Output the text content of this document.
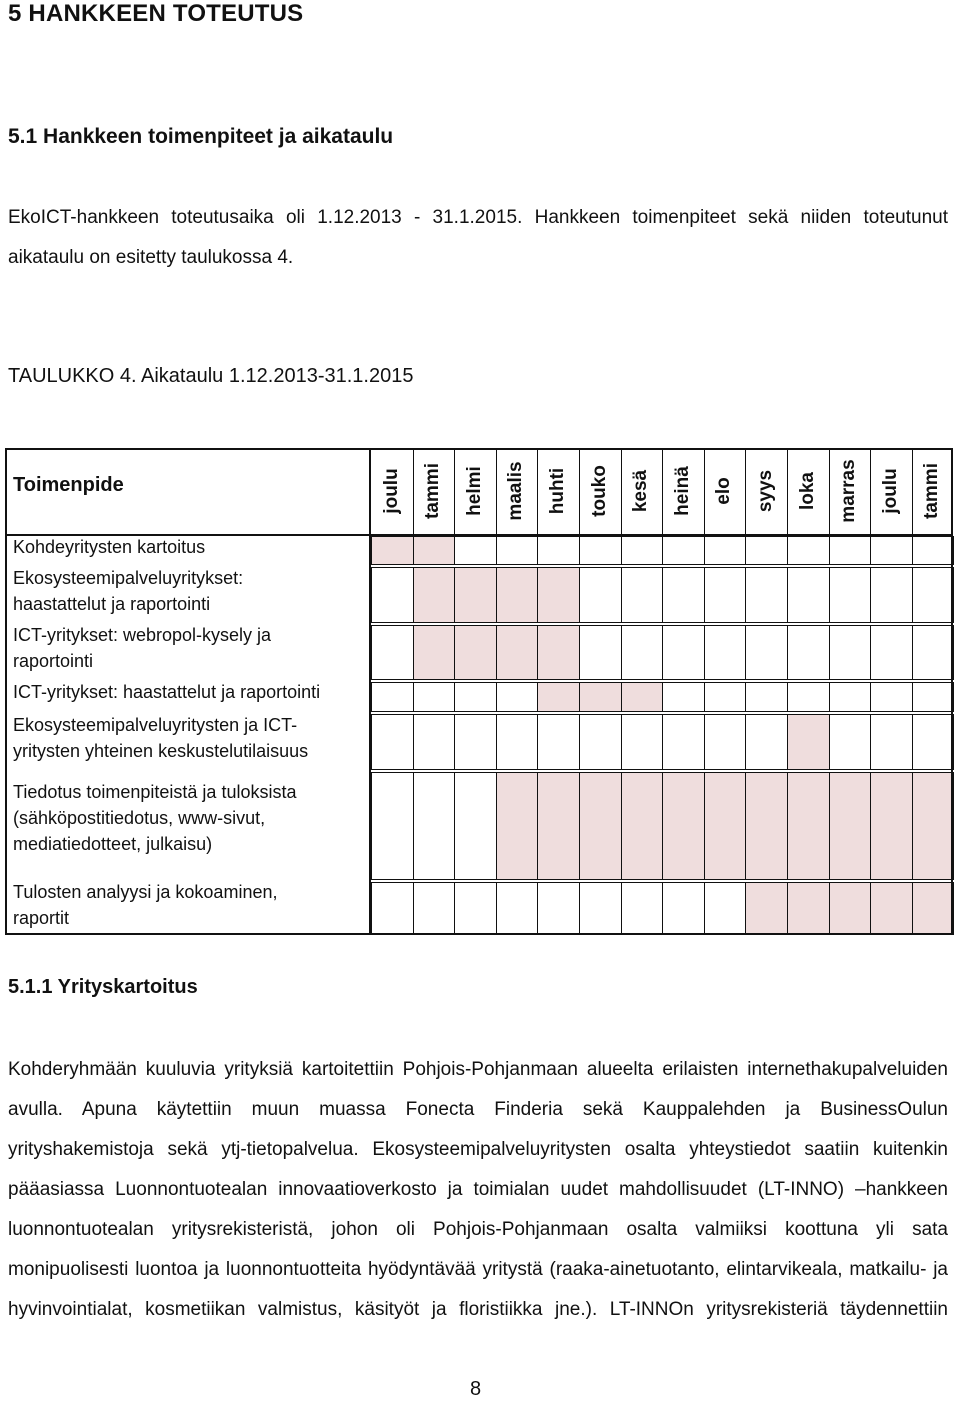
5 HANKKEEN TOTEUTUS
5.1 Hankkeen toimenpiteet ja aikataulu
EkoICT-hankkeen toteutusaika oli 1.12.2013 - 31.1.2015. Hankkeen toimenpiteet sekä niiden toteutunut
aikataulu on esitetty taulukossa 4.
TAULUKKO 4. Aikataulu 1.12.2013-31.1.2015
Toimenpide	joulu tammi helmi maalis huhti touko kesä heinä elo syys loka marras joulu tammi
Kohdeyritysten kartoitus
Ekosysteemipalveluyritykset:
haastattelut ja raportointi
ICT-yritykset: webropol-kysely ja
raportointi
ICT-yritykset: haastattelut ja raportointi
Ekosysteemipalveluyritysten ja ICT-
yritysten yhteinen keskustelutilaisuus
Tiedotus toimenpiteistä ja tuloksista
(sähköpostitiedotus, www-sivut,
mediatiedotteet, julkaisu)
Tulosten analyysi ja kokoaminen,
raportit
5.1.1 Yrityskartoitus
Kohderyhmään kuuluvia yrityksiä kartoitettiin Pohjois-Pohjanmaan alueelta erilaisten internethakupalveluiden
avulla. Apuna käytettiin muun muassa Fonecta Finderia sekä Kauppalehden ja BusinessOulun
yrityshakemistoja sekä ytj-tietopalvelua. Ekosysteemipalveluyritysten osalta yhteystiedot saatiin kuitenkin
pääasiassa Luonnontuotealan innovaatioverkosto ja toimialan uudet mahdollisuudet (LT-INNO) –hankkeen
luonnontuotealan yritysrekisteristä, johon oli Pohjois-Pohjanmaan osalta valmiiksi koottuna yli sata
monipuolisesti luontoa ja luonnontuotteita hyödyntävää yritystä (raaka-ainetuotanto, elintarvikeala, matkailu- ja
hyvinvointialat, kosmetiikan valmistus, käsityöt ja floristiikka jne.). LT-INNOn yritysrekisteriä täydennettiin
8
